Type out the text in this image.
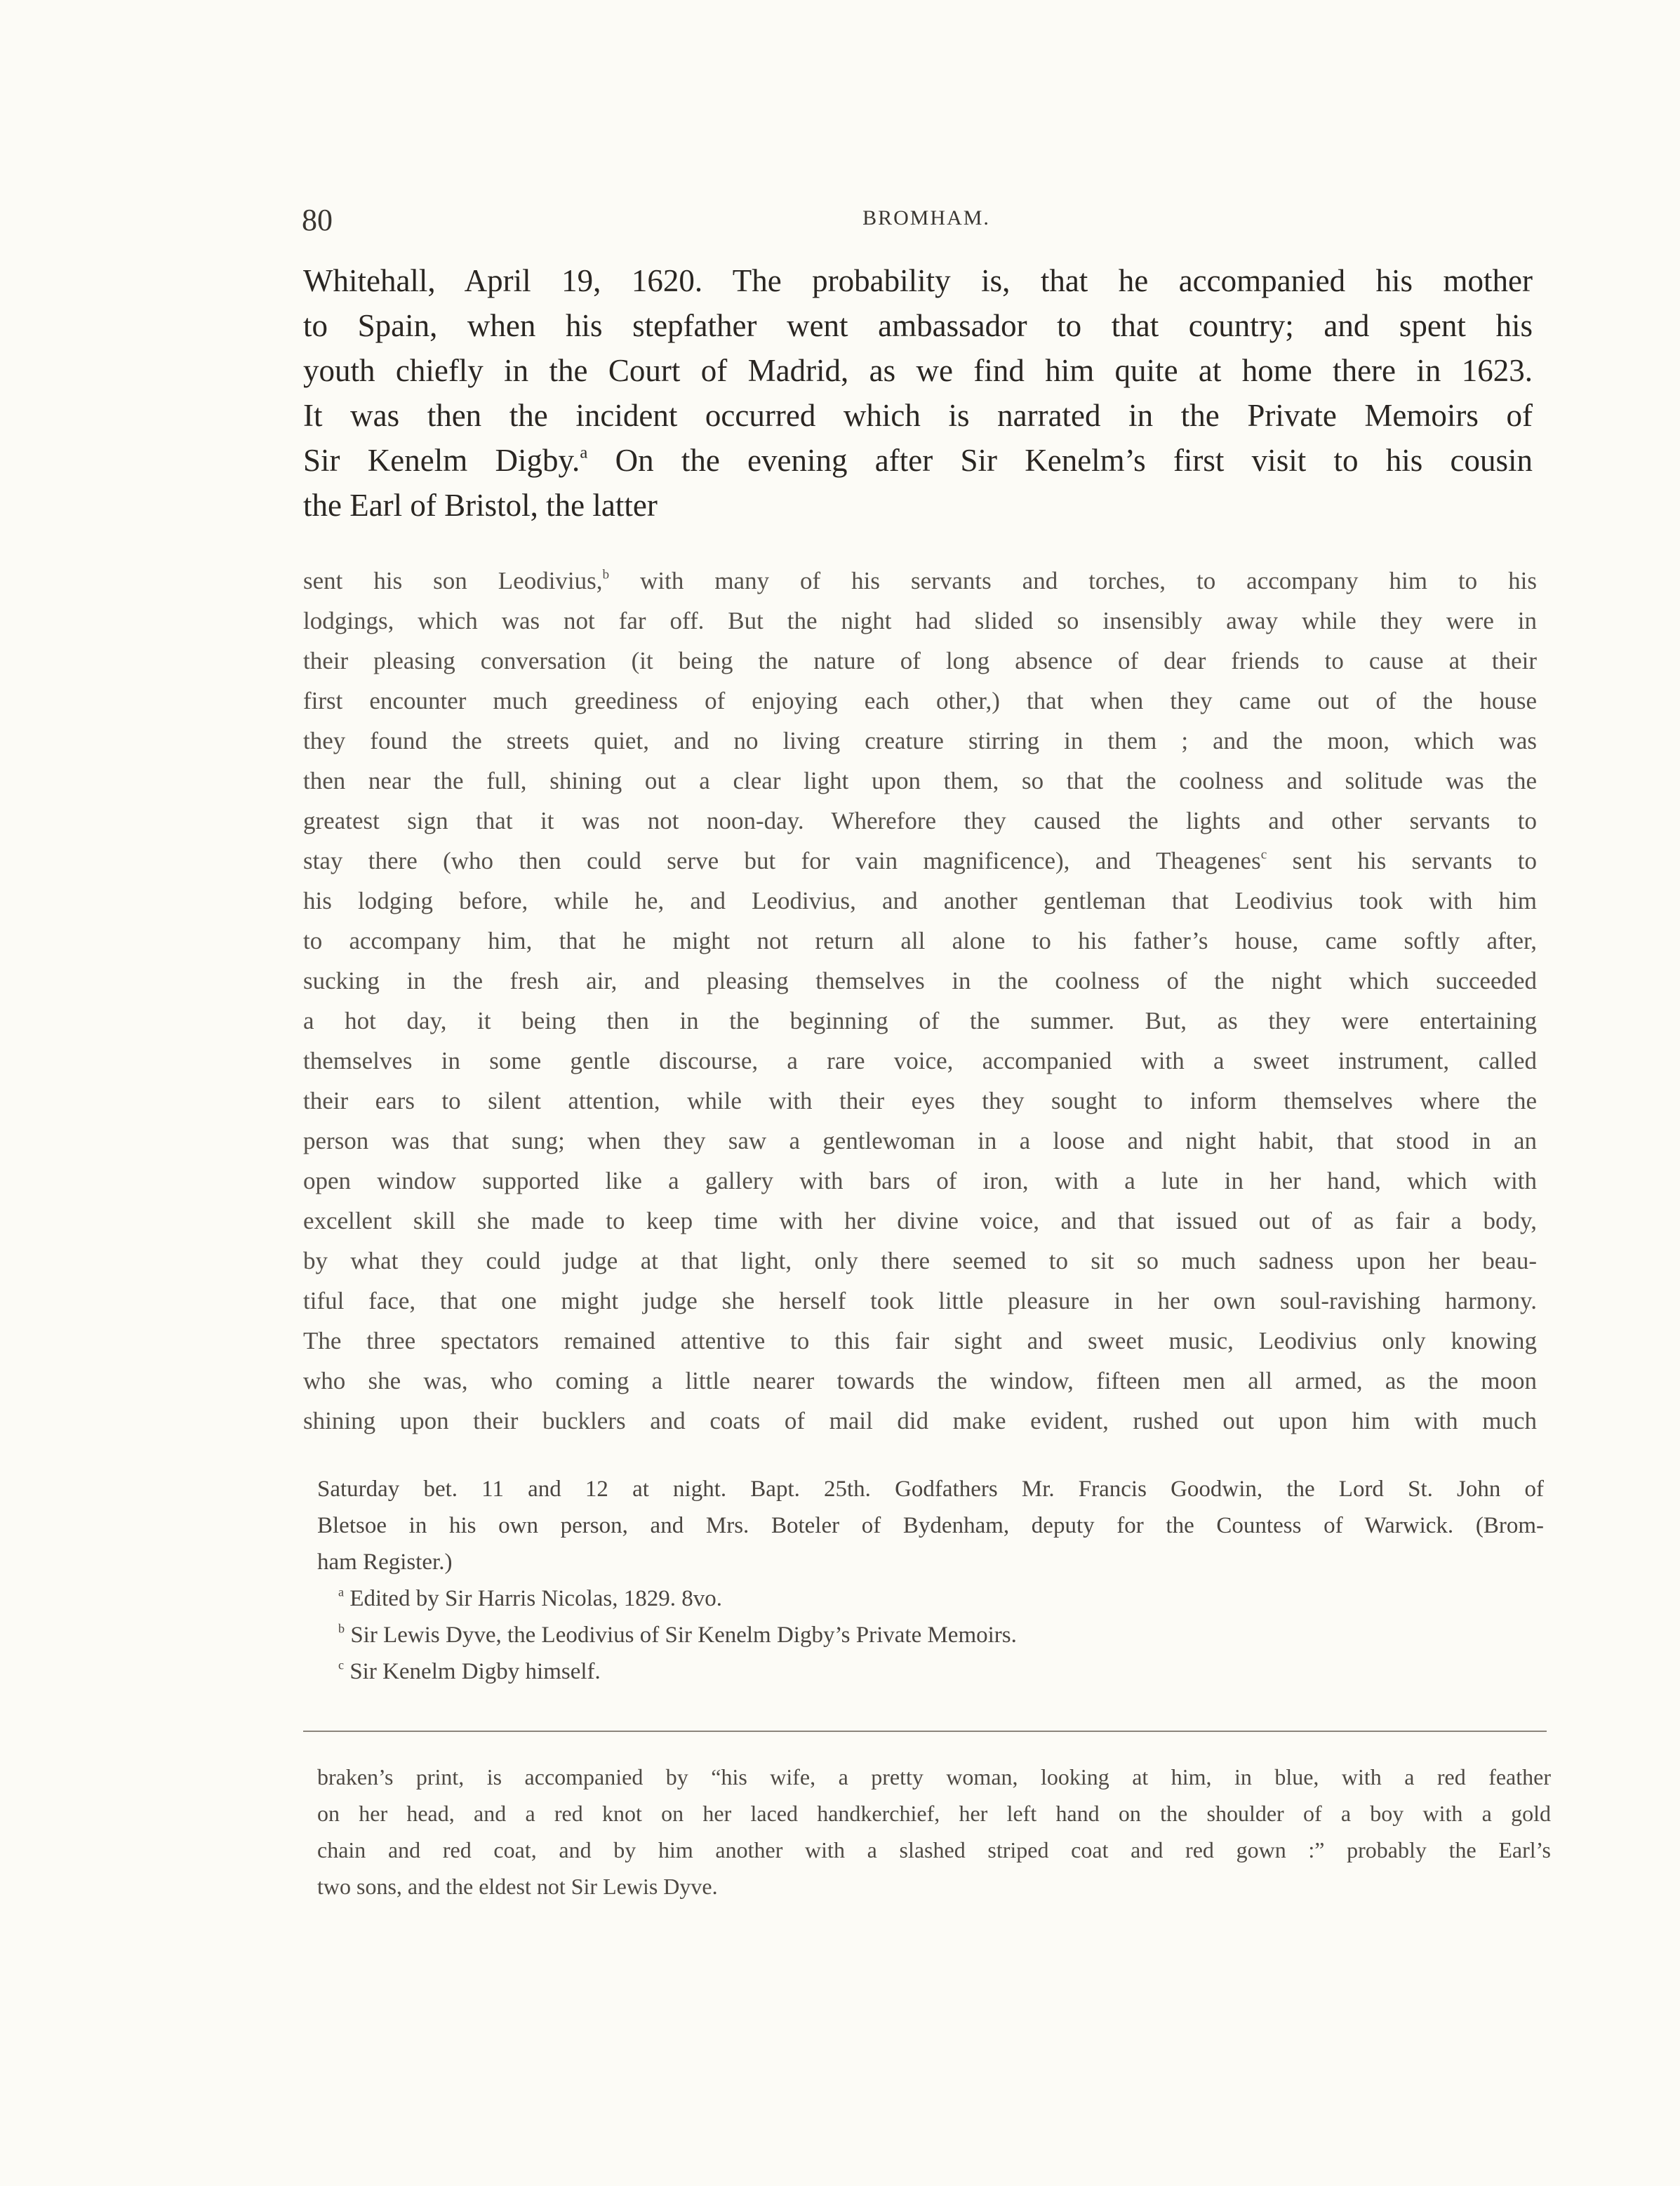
80	BROMHAM.
Whitehall, April 19, 1620. The probability is, that he accompanied his mother
to Spain, when his stepfather went ambassador to that country; and spent his
youth chiefly in the Court of Madrid, as we find him quite at home there in 1623.
It was then the incident occurred which is narrated in the Private Memoirs of
Sir Kenelm Digby.$^a$ On the evening after Sir Kenelm’s first visit to his cousin
the Earl of Bristol, the latter
sent his son Leodivius,$^b$ with many of his servants and torches, to accompany him to his
lodgings, which was not far off. But the night had slided so insensibly away while they were in
their pleasing conversation (it being the nature of long absence of dear friends to cause at their
first encounter much greediness of enjoying each other,) that when they came out of the house
they found the streets quiet, and no living creature stirring in them ; and the moon, which was
then near the full, shining out a clear light upon them, so that the coolness and solitude was the
greatest sign that it was not noon-day. Wherefore they caused the lights and other servants to
stay there (who then could serve but for vain magnificence), and Theagenes$^c$ sent his servants to
his lodging before, while he, and Leodivius, and another gentleman that Leodivius took with him
to accompany him, that he might not return all alone to his father’s house, came softly after,
sucking in the fresh air, and pleasing themselves in the coolness of the night which succeeded
a hot day, it being then in the beginning of the summer. But, as they were entertaining
themselves in some gentle discourse, a rare voice, accompanied with a sweet instrument, called
their ears to silent attention, while with their eyes they sought to inform themselves where the
person was that sung; when they saw a gentlewoman in a loose and night habit, that stood in an
open window supported like a gallery with bars of iron, with a lute in her hand, which with
excellent skill she made to keep time with her divine voice, and that issued out of as fair a body,
by what they could judge at that light, only there seemed to sit so much sadness upon her beau-
tiful face, that one might judge she herself took little pleasure in her own soul-ravishing harmony.
The three spectators remained attentive to this fair sight and sweet music, Leodivius only knowing
who she was, who coming a little nearer towards the window, fifteen men all armed, as the moon
shining upon their bucklers and coats of mail did make evident, rushed out upon him with much
Saturday bet. 11 and 12 at night. Bapt. 25th. Godfathers Mr. Francis Goodwin, the Lord St. John of
Bletsoe in his own person, and Mrs. Boteler of Bydenham, deputy for the Countess of Warwick. (Brom-
ham Register.)
$^a$ Edited by Sir Harris Nicolas, 1829. 8vo.
$^b$ Sir Lewis Dyve, the Leodivius of Sir Kenelm Digby’s Private Memoirs.
$^c$ Sir Kenelm Digby himself.
braken’s print, is accompanied by “his wife, a pretty woman, looking at him, in blue, with a red feather
on her head, and a red knot on her laced handkerchief, her left hand on the shoulder of a boy with a gold
chain and red coat, and by him another with a slashed striped coat and red gown :” probably the Earl’s
two sons, and the eldest not Sir Lewis Dyve.
